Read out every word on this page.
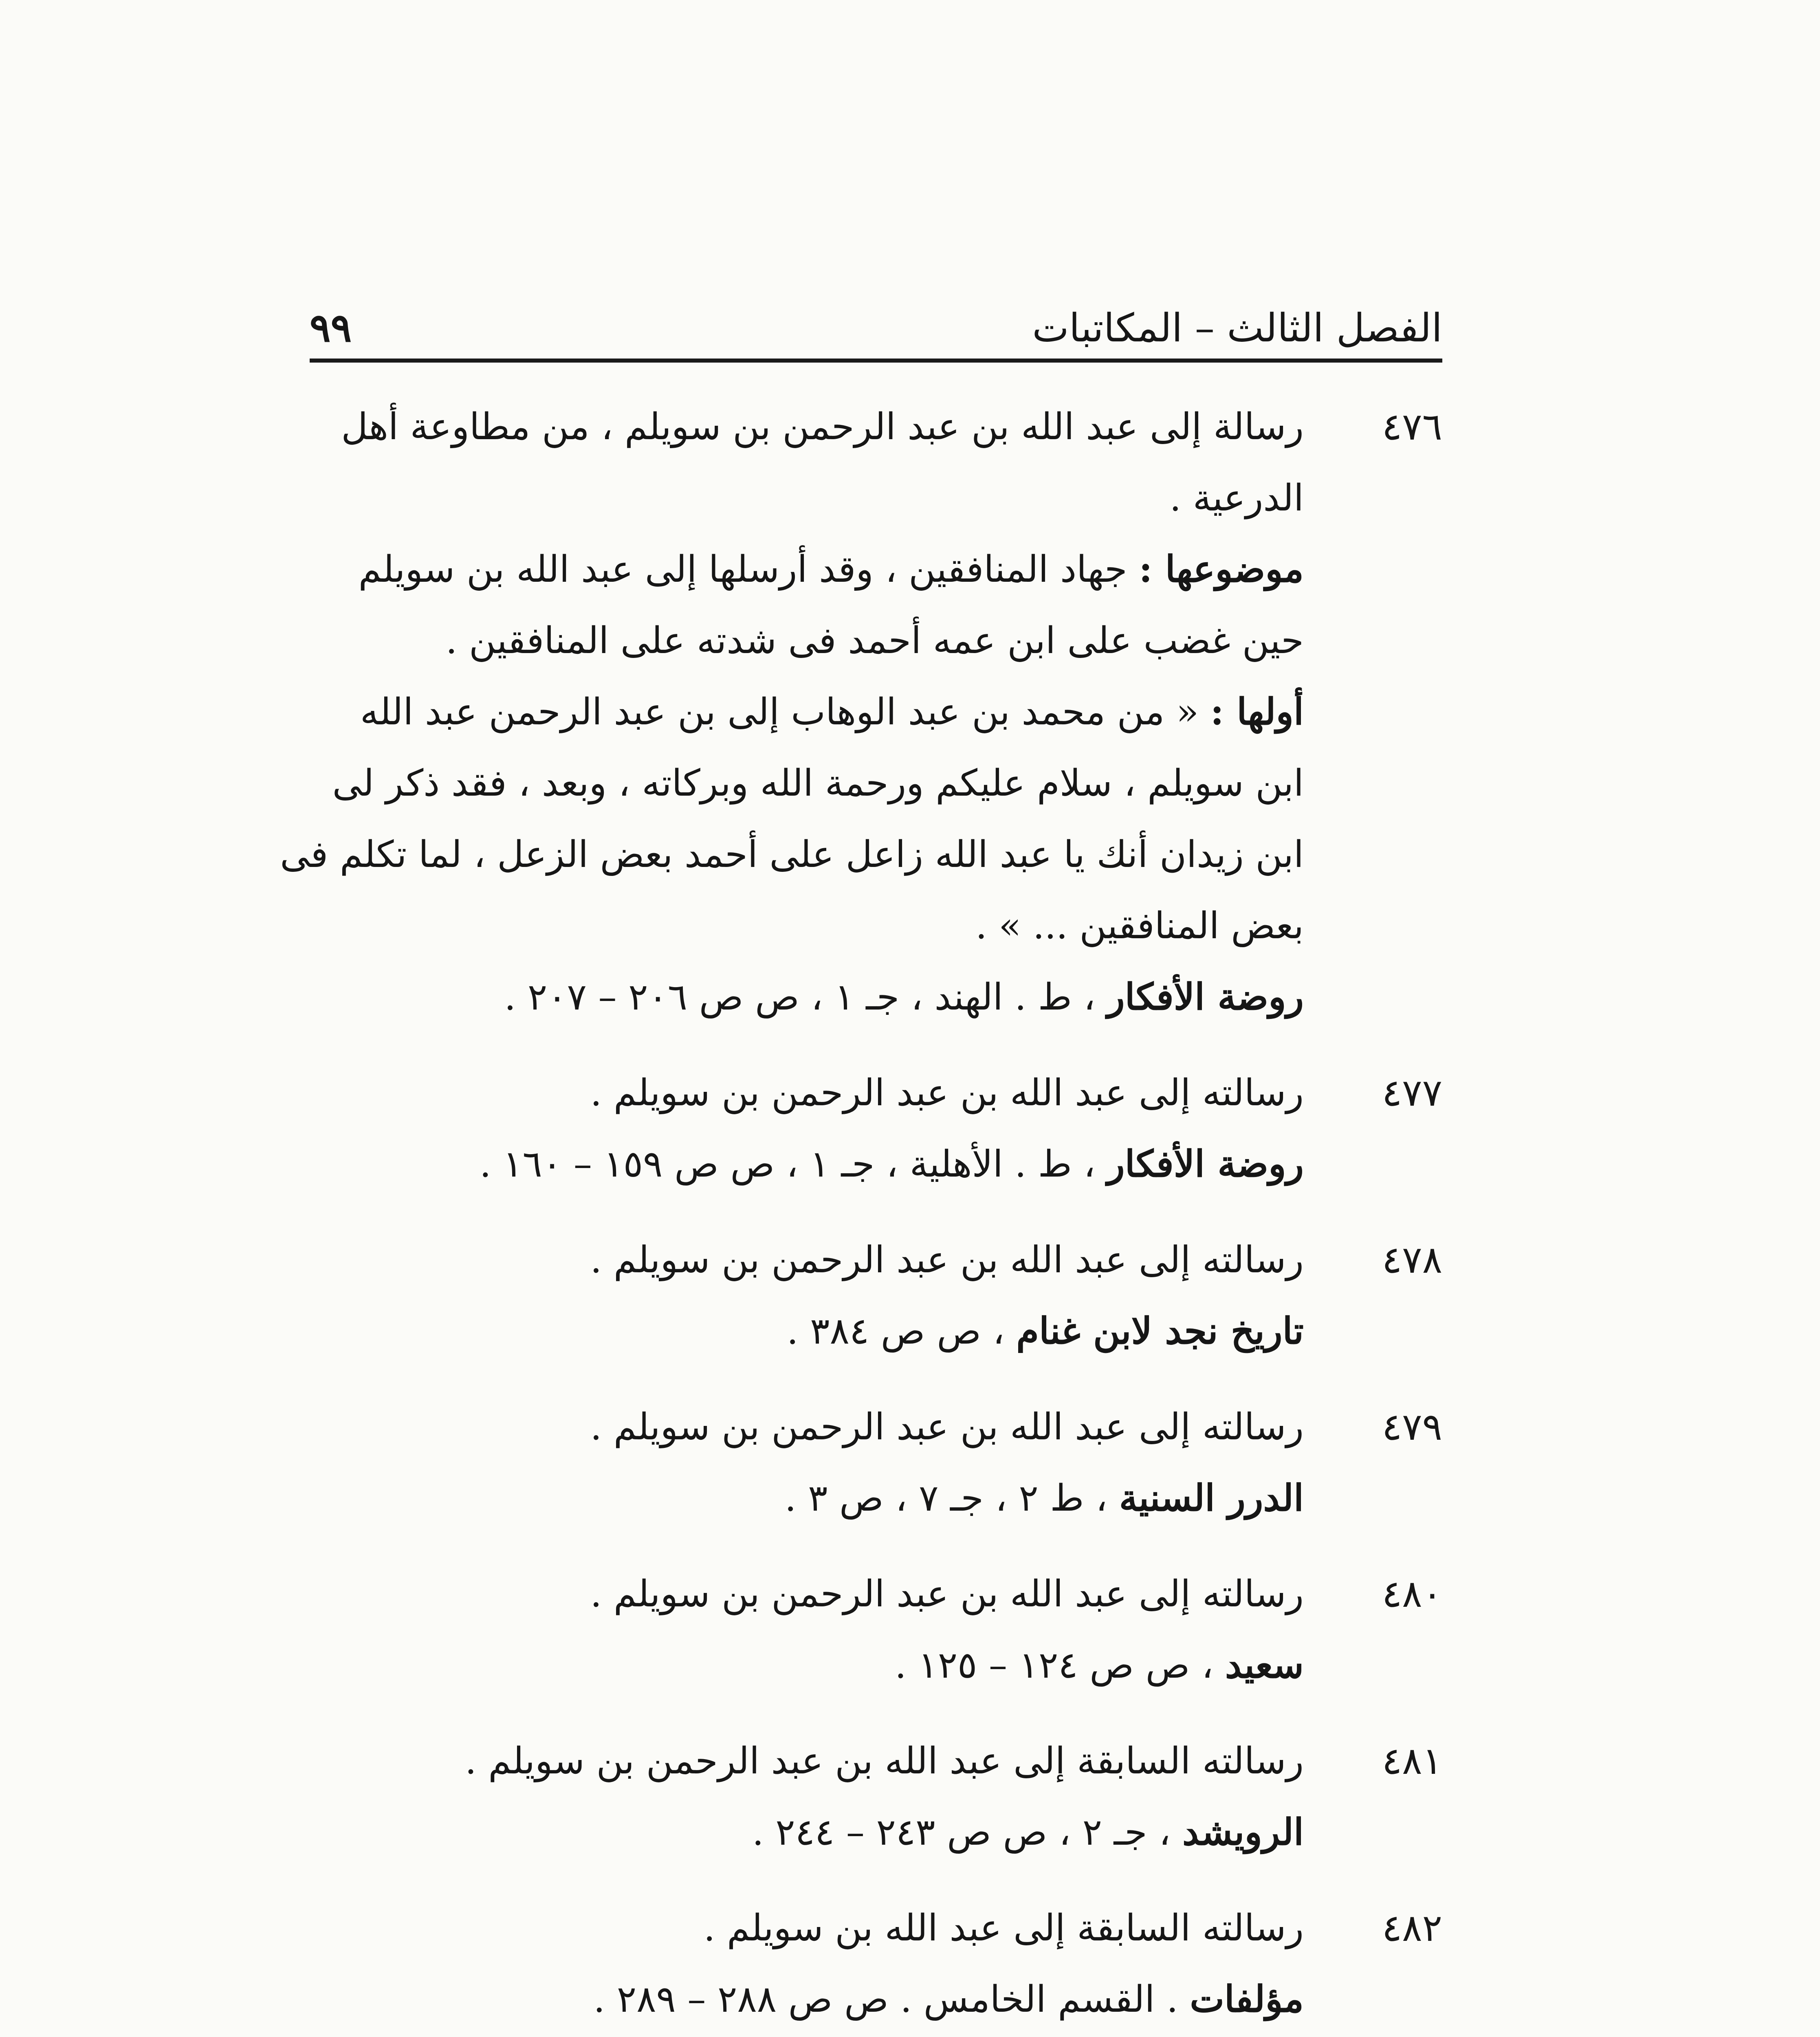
الفصل الثالث – المكاتبات
٩٩
٤٧٦
رسالة إلى عبد الله بن عبد الرحمن بن سويلم ، من مطاوعة أهل
الدرعية .
موضوعها : جهاد المنافقين ، وقد أرسلها إلى عبد الله بن سويلم
حين غضب على ابن عمه أحمد فى شدته على المنافقين .
أولها : « من محمد بن عبد الوهاب إلى بن عبد الرحمن عبد الله
ابن سويلم ، سلام عليكم ورحمة الله وبركاته ، وبعد ، فقد ذكر لى
ابن زيدان أنك يا عبد الله زاعل على أحمد بعض الزعل ، لما تكلم فى
بعض المنافقين ... » .
روضة الأفكار ، ط . الهند ، جـ ١ ، ص ص ٢٠٦ – ٢٠٧ .
٤٧٧
رسالته إلى عبد الله بن عبد الرحمن بن سويلم .
روضة الأفكار ، ط . الأهلية ، جـ ١ ، ص ص ١٥٩ – ١٦٠ .
٤٧٨
رسالته إلى عبد الله بن عبد الرحمن بن سويلم .
تاريخ نجد لابن غنام ، ص ص ٣٨٤ .
٤٧٩
رسالته إلى عبد الله بن عبد الرحمن بن سويلم .
الدرر السنية ، ط ٢ ، جـ ٧ ، ص ٣ .
٤٨٠
رسالته إلى عبد الله بن عبد الرحمن بن سويلم .
سعيد ، ص ص ١٢٤ – ١٢٥ .
٤٨١
رسالته السابقة إلى عبد الله بن عبد الرحمن بن سويلم .
الرويشد ، جـ ٢ ، ص ص ٢٤٣ – ٢٤٤ .
٤٨٢
رسالته السابقة إلى عبد الله بن سويلم .
مؤلفات . القسم الخامس . ص ص ٢٨٨ – ٢٨٩ .
